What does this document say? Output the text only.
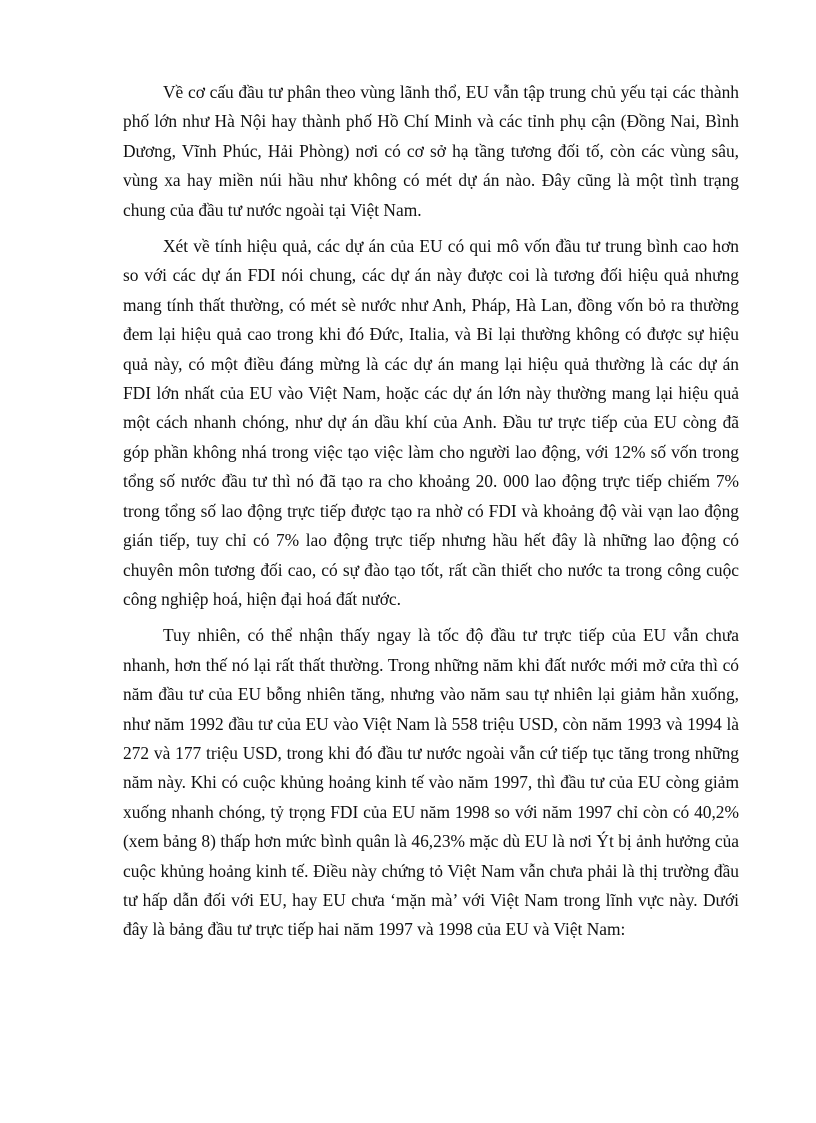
Về cơ cấu đầu tư phân theo vùng lãnh thổ, EU vẫn tập trung chủ yếu tại các thành phố lớn như Hà Nội hay thành phố Hồ Chí Minh và các tỉnh phụ cận (Đồng Nai, Bình Dương, Vĩnh Phúc, Hải Phòng) nơi có cơ sở hạ tầng tương đối tố, còn các vùng sâu, vùng xa hay miền núi hầu như không có mét dự án nào. Đây cũng là một tình trạng chung của đầu tư nước ngoài tại Việt Nam.

Xét về tính hiệu quả, các dự án của EU có qui mô vốn đầu tư trung bình cao hơn so với các dự án FDI nói chung, các dự án này được coi là tương đối hiệu quả nhưng mang tính thất thường, có mét sè nước như Anh, Pháp, Hà Lan, đồng vốn bỏ ra thường đem lại hiệu quả cao trong khi đó Đức, Italia, và Bỉ lại thường không có được sự hiệu quả này, có một điều đáng mừng là các dự án mang lại hiệu quả thường là các dự án FDI lớn nhất của EU vào Việt Nam, hoặc các dự án lớn này thường mang lại hiệu quả một cách nhanh chóng, như dự án dầu khí của Anh. Đầu tư trực tiếp của EU còng đã góp phần không nhá trong việc tạo việc làm cho người lao động, với 12% số vốn trong tổng số nước đầu tư thì nó đã tạo ra cho khoảng 20. 000 lao động trực tiếp chiếm 7% trong tổng số lao động trực tiếp được tạo ra nhờ có FDI và khoảng độ vài vạn lao động gián tiếp, tuy chỉ có 7% lao động trực tiếp nhưng hầu hết đây là những lao động có chuyên môn tương đối cao, có sự đào tạo tốt, rất cần thiết cho nước ta trong công cuộc công nghiệp hoá, hiện đại hoá đất nước.

Tuy nhiên, có thể nhận thấy ngay là tốc độ đầu tư trực tiếp của EU vẫn chưa nhanh, hơn thế nó lại rất thất thường. Trong những năm khi đất nước mới mở cửa thì có năm đầu tư của EU bỗng nhiên tăng, nhưng vào năm sau tự nhiên lại giảm hẳn xuống, như năm 1992 đầu tư của EU vào Việt Nam là 558 triệu USD, còn năm 1993 và 1994 là 272 và 177 triệu USD, trong khi đó đầu tư nước ngoài vẫn cứ tiếp tục tăng trong những năm này. Khi có cuộc khủng hoảng kinh tế vào năm 1997, thì đầu tư của EU còng giảm xuống nhanh chóng, tỷ trọng FDI của EU năm 1998 so với năm 1997 chỉ còn có 40,2% (xem bảng 8) thấp hơn mức bình quân là 46,23% mặc dù EU là nơi Ýt bị ảnh hưởng của cuộc khủng hoảng kinh tế. Điều này chứng tỏ Việt Nam vẫn chưa phải là thị trường đầu tư hấp dẫn đối với EU, hay EU chưa ‘mặn mà’ với Việt Nam trong lĩnh vực này. Dưới đây là bảng đầu tư trực tiếp hai năm 1997 và 1998 của EU và Việt Nam:
